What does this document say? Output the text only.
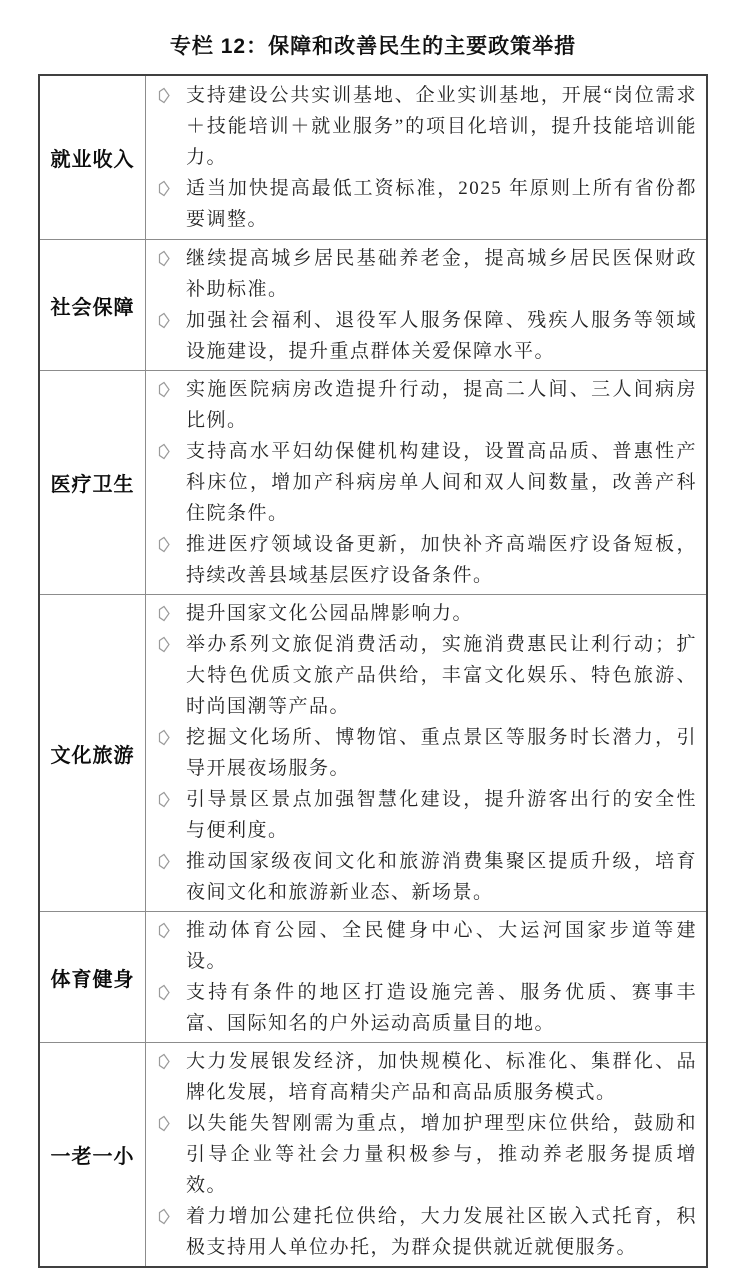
专栏 12：保障和改善民生的主要政策举措
就业收入
支持建设公共实训基地、企业实训基地，开展“岗位需求＋技能培训＋就业服务”的项目化培训，提升技能培训能力。
适当加快提高最低工资标准，2025 年原则上所有省份都要调整。
社会保障
继续提高城乡居民基础养老金，提高城乡居民医保财政补助标准。
加强社会福利、退役军人服务保障、残疾人服务等领域设施建设，提升重点群体关爱保障水平。
医疗卫生
实施医院病房改造提升行动，提高二人间、三人间病房比例。
支持高水平妇幼保健机构建设，设置高品质、普惠性产科床位，增加产科病房单人间和双人间数量，改善产科住院条件。
推进医疗领域设备更新，加快补齐高端医疗设备短板，持续改善县域基层医疗设备条件。
文化旅游
提升国家文化公园品牌影响力。
举办系列文旅促消费活动，实施消费惠民让利行动；扩大特色优质文旅产品供给，丰富文化娱乐、特色旅游、时尚国潮等产品。
挖掘文化场所、博物馆、重点景区等服务时长潜力，引导开展夜场服务。
引导景区景点加强智慧化建设，提升游客出行的安全性与便利度。
推动国家级夜间文化和旅游消费集聚区提质升级，培育夜间文化和旅游新业态、新场景。
体育健身
推动体育公园、全民健身中心、大运河国家步道等建设。
支持有条件的地区打造设施完善、服务优质、赛事丰富、国际知名的户外运动高质量目的地。
一老一小
大力发展银发经济，加快规模化、标准化、集群化、品牌化发展，培育高精尖产品和高品质服务模式。
以失能失智刚需为重点，增加护理型床位供给，鼓励和引导企业等社会力量积极参与，推动养老服务提质增效。
着力增加公建托位供给，大力发展社区嵌入式托育，积极支持用人单位办托，为群众提供就近就便服务。
